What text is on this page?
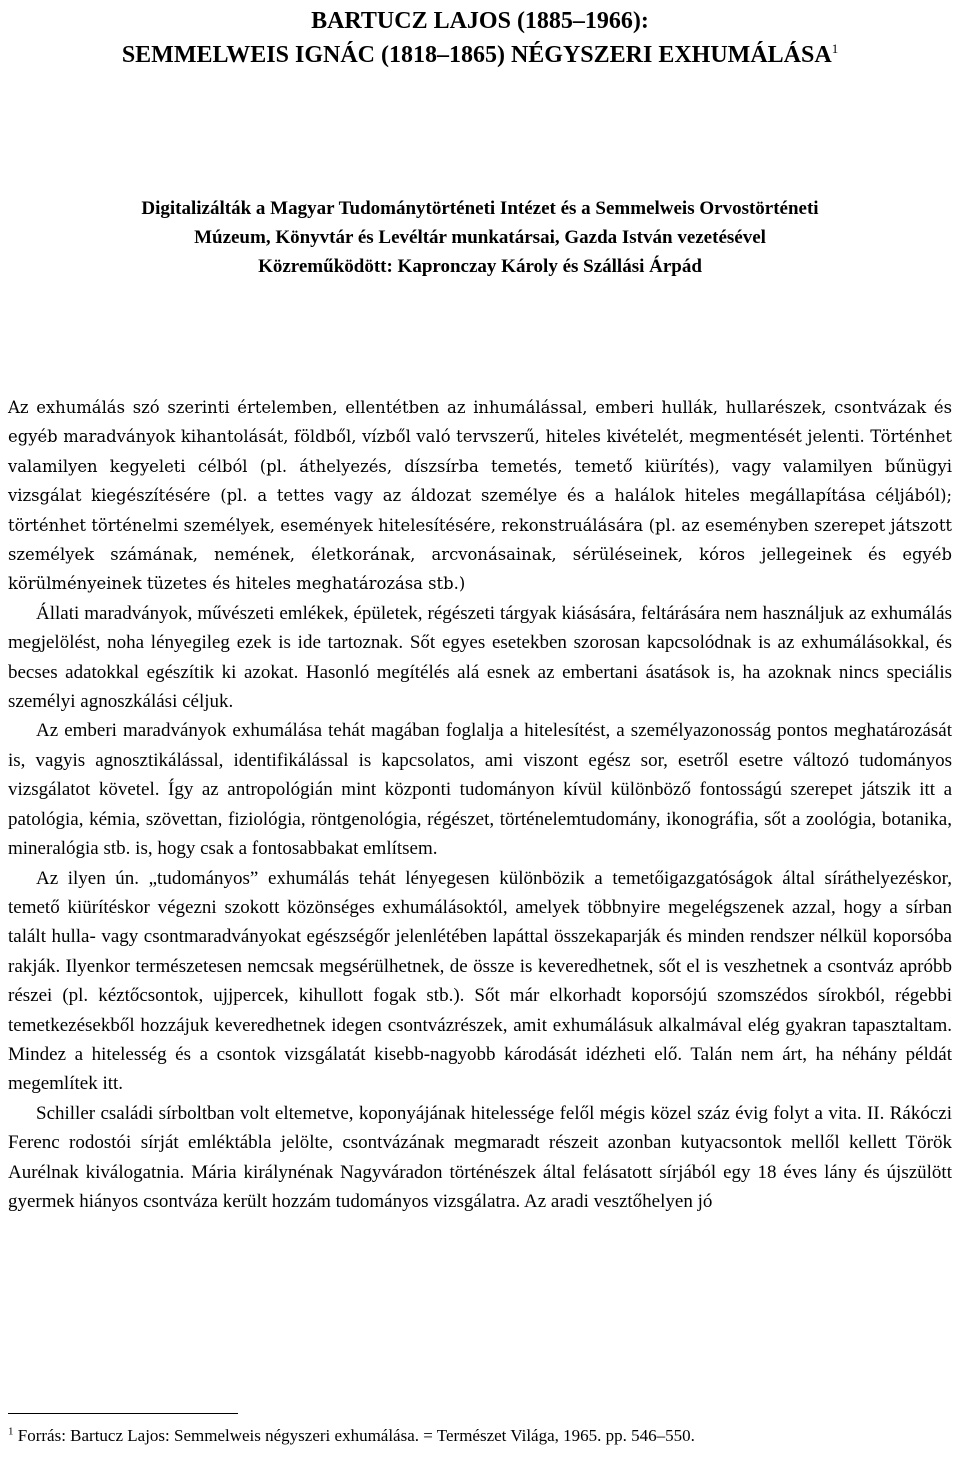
BARTUCZ LAJOS (1885–1966):
SEMMELWEIS IGNÁC (1818–1865) NÉGYSZERI EXHUMÁLÁSA$^1$
Digitalizálták a Magyar Tudománytörténeti Intézet és a Semmelweis Orvostörténeti
Múzeum, Könyvtár és Levéltár munkatársai, Gazda István vezetésével
Közreműködött: Kapronczay Károly és Szállási Árpád
Az exhumálás szó szerinti értelemben, ellentétben az inhumálással, emberi hullák, hullarészek, csontvázak és egyéb maradványok kihantolását, földből, vízből való tervszerű, hiteles kivételét, megmentését jelenti. Történhet valamilyen kegyeleti célból (pl. áthelyezés, díszsírba temetés, temető kiürítés), vagy valamilyen bűnügyi vizsgálat kiegészítésére (pl. a tettes vagy az áldozat személye és a halálok hiteles megállapítása céljából); történhet történelmi személyek, események hitelesítésére, rekonstruálására (pl. az eseményben szerepet játszott személyek számának, nemének, életkorának, arcvonásainak, sérüléseinek, kóros jellegeinek és egyéb körülményeinek tüzetes és hiteles meghatározása stb.)

Állati maradványok, művészeti emlékek, épületek, régészeti tárgyak kiásására, feltárására nem használjuk az exhumálás megjelölést, noha lényegileg ezek is ide tartoznak. Sőt egyes esetekben szorosan kapcsolódnak is az exhumálásokkal, és becses adatokkal egészítik ki azokat. Hasonló megítélés alá esnek az embertani ásatások is, ha azoknak nincs speciális személyi agnoszkálási céljuk.

Az emberi maradványok exhumálása tehát magában foglalja a hitelesítést, a személyazonosság pontos meghatározását is, vagyis agnosztikálással, identifikálással is kapcsolatos, ami viszont egész sor, esetről esetre változó tudományos vizsgálatot követel. Így az antropológián mint központi tudományon kívül különböző fontosságú szerepet játszik itt a patológia, kémia, szövettan, fiziológia, röntgenológia, régészet, történelemtudomány, ikonográfia, sőt a zoológia, botanika, mineralógia stb. is, hogy csak a fontosabbakat említsem.

Az ilyen ún. „tudományos” exhumálás tehát lényegesen különbözik a temetőigazgatóságok által síráthelyezéskor, temető kiürítéskor végezni szokott közönséges exhumálásoktól, amelyek többnyire megelégszenek azzal, hogy a sírban talált hulla- vagy csontmaradványokat egészségőr jelenlétében lapáttal összekaparják és minden rendszer nélkül koporsóba rakják. Ilyenkor természetesen nemcsak megsérülhetnek, de össze is keveredhetnek, sőt el is veszhetnek a csontváz apróbb részei (pl. kéztőcsontok, ujjpercek, kihullott fogak stb.). Sőt már elkorhadt koporsójú szomszédos sírokból, régebbi temetkezésekből hozzájuk keveredhetnek idegen csontvázrészek, amit exhumálásuk alkalmával elég gyakran tapasztaltam. Mindez a hitelesség és a csontok vizsgálatát kisebb-nagyobb károdását idézheti elő. Talán nem árt, ha néhány példát megemlítek itt.

Schiller családi sírboltban volt eltemetve, koponyájának hitelessége felől mégis közel száz évig folyt a vita. II. Rákóczi Ferenc rodostói sírját emléktábla jelölte, csontvázának megmaradt részeit azonban kutyacsontok mellől kellett Török Aurélnak kiválogatnia. Mária királynénak Nagyváradon történészek által felásatott sírjából egy 18 éves lány és újszülött gyermek hiányos csontváza került hozzám tudományos vizsgálatra. Az aradi vesztőhelyen jó

$^1$ Forrás: Bartucz Lajos: Semmelweis négyszeri exhumálása. = Természet Világa, 1965. pp. 546–550.
